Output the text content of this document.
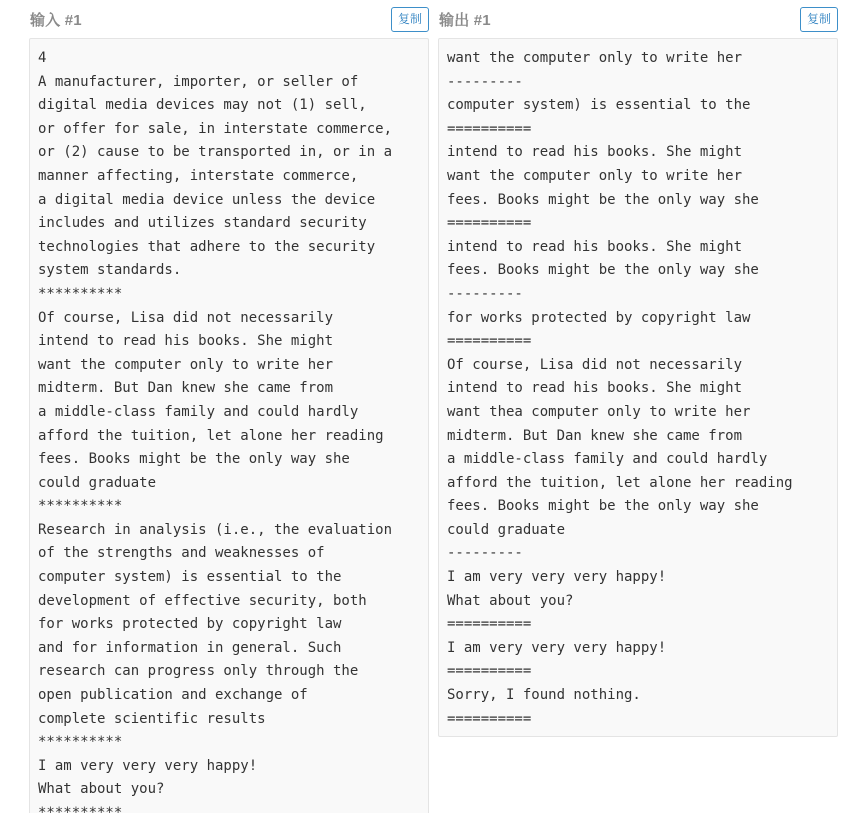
输入 #1	复制
4
A manufacturer, importer, or seller of
digital media devices may not (1) sell,
or offer for sale, in interstate commerce,
or (2) cause to be transported in, or in a
manner affecting, interstate commerce,
a digital media device unless the device
includes and utilizes standard security
technologies that adhere to the security
system standards.
**********
Of course, Lisa did not necessarily
intend to read his books. She might
want the computer only to write her
midterm. But Dan knew she came from
a middle-class family and could hardly
afford the tuition, let alone her reading
fees. Books might be the only way she
could graduate
**********
Research in analysis (i.e., the evaluation
of the strengths and weaknesses of
computer system) is essential to the
development of effective security, both
for works protected by copyright law
and for information in general. Such
research can progress only through the
open publication and exchange of
complete scientific results
**********
I am very very very happy!
What about you?
**********
输出 #1	复制
want the computer only to write her
---------
computer system) is essential to the
==========
intend to read his books. She might
want the computer only to write her
fees. Books might be the only way she
==========
intend to read his books. She might
fees. Books might be the only way she
---------
for works protected by copyright law
==========
Of course, Lisa did not necessarily
intend to read his books. She might
want thea computer only to write her
midterm. But Dan knew she came from
a middle-class family and could hardly
afford the tuition, let alone her reading
fees. Books might be the only way she
could graduate
---------
I am very very very happy!
What about you?
==========
I am very very very happy!
==========
Sorry, I found nothing.
==========
